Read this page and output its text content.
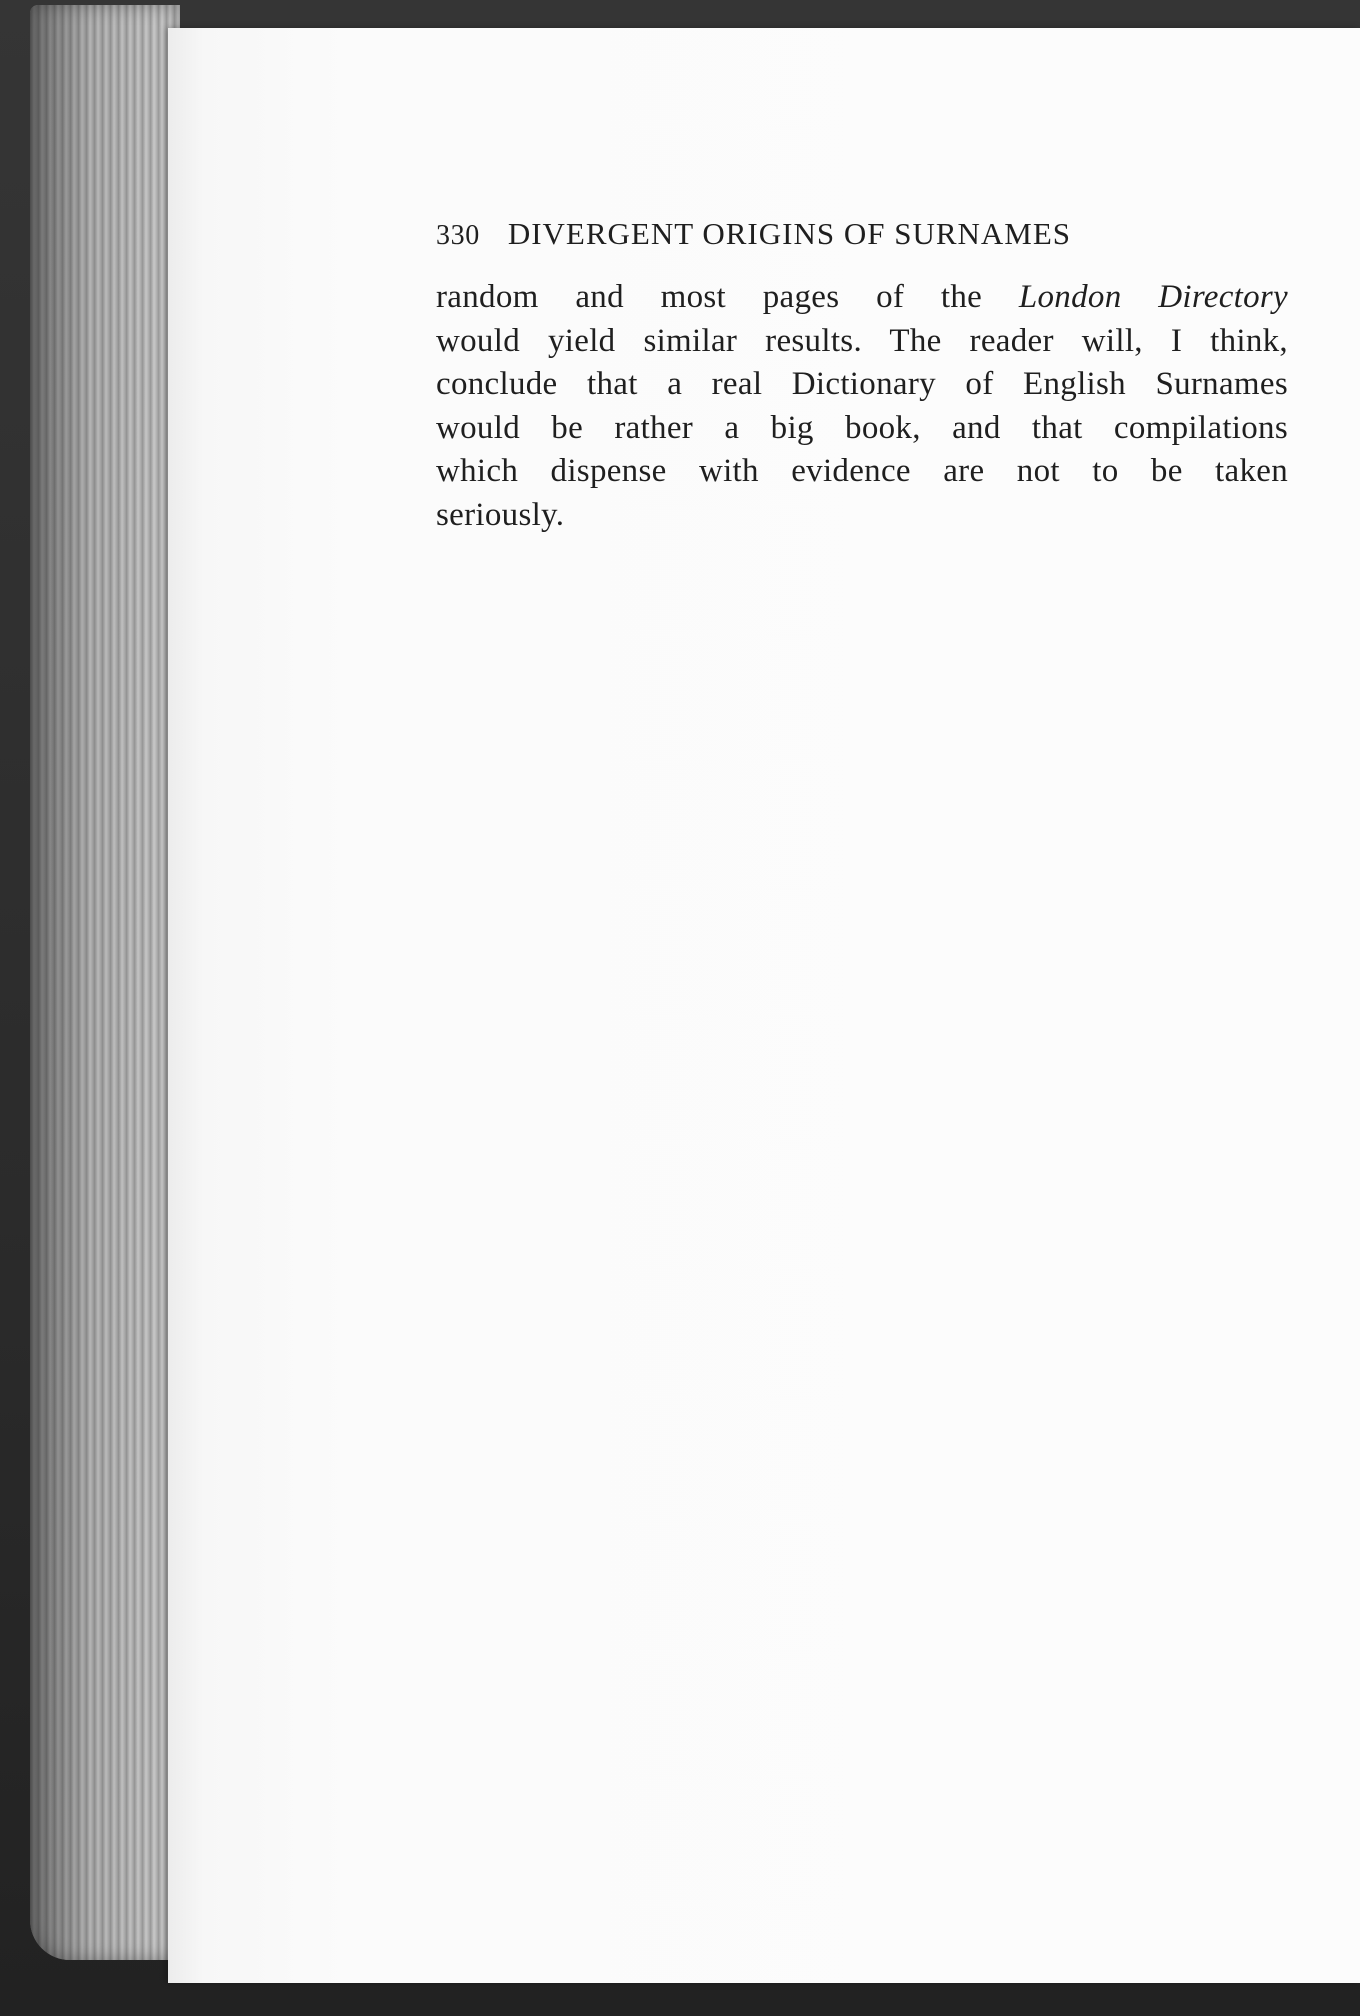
330 DIVERGENT ORIGINS OF SURNAMES
random and most pages of the London Directory
would yield similar results. The reader will, I think,
conclude that a real Dictionary of English Surnames
would be rather a big book, and that compilations
which dispense with evidence are not to be taken
seriously.
